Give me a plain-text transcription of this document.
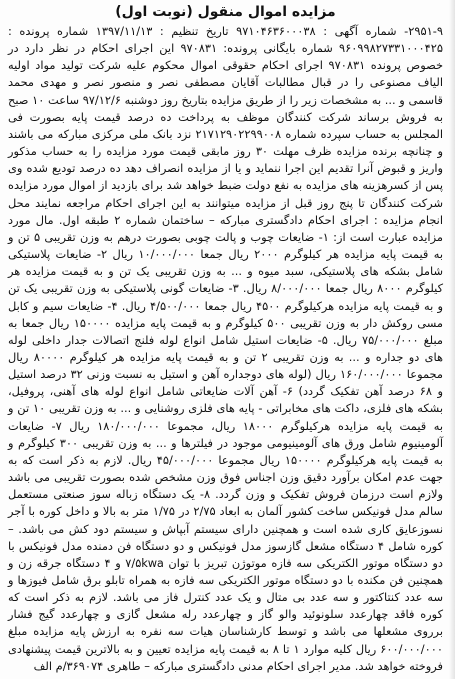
مزایده اموال منقول (نوبت اول)

۲۹۵۱-۹- شماره آگهی : ۹۷۱۰۴۶۳۶۰۰۰۳۸ تاریخ تنظیم : ۱۳۹۷/۱۱/۱۳ شماره پرونده : ۹۶۰۹۹۸۲۷۳۳۱۰۰۰۴۲۵ شماره بایگانی پرونده: ۹۷۰۸۳۱ این اجرای احکام در نظر دارد در خصوص پرونده ۹۷۰۸۳۱ اجرای احکام حقوقی اموال محکوم علیه شرکت تولید مواد اولیه الیاف مصنوعی را در قبال مطالبات آقایان مصطفی نصر و منصور نصر و مهدی محمد قاسمی و ... به مشخصات زیر را از طریق مزایده بتاریخ روز دوشنبه ۹۷/۱۲/۶ ساعت ۱۰ صبح به فروش برساند شرکت کنندگان موظف به پرداخت ده درصد قیمت پایه بصورت فی المجلس به حساب سپرده شماره ۲۱۷۱۲۹۰۲۲۹۹۰۰۸ نزد بانک ملی مرکزی مبارکه می باشند و چنانچه برنده مزایده ظرف مهلت ۳۰ روز مابقی قیمت مورد مزایده را به حساب مذکور واریز و قبوض آنرا تقدیم این اجرا ننماید و یا از مزایده انصراف دهد ده درصد تودیع شده وی پس از کسرهزینه های مزایده به نفع دولت ضبط خواهد شد برای بازدید از اموال مورد مزایده شرکت کنندگان تا پنج روز قبل از مزایده میتوانند به این اجرای احکام مراجعه نمایند محل انجام مزایده : اجرای احکام دادگستری مبارکه – ساختمان شماره ۲ طبقه اول. مال مورد مزایده عبارت است از: ۱- ضایعات چوب و پالت چوبی بصورت درهم به وزن تقریبی ۵ تن و به قیمت پایه مزایده هر کیلوگرم ۲۰۰۰ ریال جمعا ۱۰/۰۰۰/۰۰۰ ریال ۲- ضایعات پلاستیکی شامل بشکه های پلاستیکی، سبد میوه و ... به وزن تقریبی یک تن و به قیمت مزایده هر کیلوگرم ۸۰۰۰ ریال جمعا ۸/۰۰۰/۰۰۰ ریال. ۳- ضایعات گونی پلاستیکی به وزن تقریبی یک تن و به قیمت پایه مزایده هرکیلوگرم ۴۵۰۰ ریال جمعا ۴/۵۰۰/۰۰۰ ریال. ۴- ضایعات سیم و کابل مسی روکش دار به وزن تقریبی ۵۰۰ کیلوگرم و به قیمت پایه مزایده ۱۵۰۰۰۰ ریال جمعا به مبلغ ۷۵/۰۰۰/۰۰۰ ریال. ۵- ضایعات استیل شامل انواع لوله فلنج اتصالات جدار داخلی لوله های دو جداره و ... به وزن تقریبی ۲ تن و به قیمت پایه مزایده هر کیلوگرم ۸۰۰۰۰ ریال مجموعا ۱۶۰/۰۰۰/۰۰۰ ریال (لوله های دوجداره آهن و استیل به نسبت وزنی ۳۲ درصد استیل و ۶۸ درصد آهن تفکیک گردد) ۶- آهن آلات ضایعاتی شامل انواع لوله های آهنی، پروفیل، بشکه های فلزی، داکت های مخابراتی - پایه های فلزی روشنایی و ... به وزن تقریبی ۱۰ تن و به قیمت پایه مزایده هرکیلوگرم ۱۸۰۰۰ ریال، مجموعا ۱۸۰/۰۰۰/۰۰۰ ریال ۷- ضایعات آلومینیوم شامل ورق های آلومینیومی موجود در فیلترها و ... به وزن تقریبی ۳۰۰ کیلوگرم و به قیمت پایه هرکیلوگرم ۱۵۰۰۰۰ ریال مجموعا ۴۵/۰۰۰/۰۰۰ ریال. لازم به ذکر است که به جهت عدم امکان برآورد دقیق وزن اجناس فوق وزن مشخص شده بصورت تقریبی می باشد ولازم است درزمان فروش تفکیک و وزن گردد. ۸- یک دستگاه زباله سوز صنعتی مستعمل سالم مدل فونیکس ساخت کشور آلمان به ابعاد ۲/۷۵ در ۱/۷۵ متر به بالا و داخل کوره با آجر نسوزعایق کاری شده است و همچنین دارای سیستم آبپاش و سیستم دود کش می باشد. – کوره شامل ۴ دستگاه مشعل گازسوز مدل فونیکس و دو دستگاه فن دمنده مدل فونیکس با دو دستگاه موتور الکتریکی سه فازه موتوژن تبریز با توان ۷/۵kwa و ۴ دستگاه جرقه زن و همچنین فن مکنده با دو دستگاه موتور الکتریکی سه فازه به همراه تابلو برق شامل فیوزها و سه عدد کنتاکتور و سه عدد بی متال و یک عدد کنترل فاز می باشد. لازم به ذکر است که کوره فاقد چهارعدد سلونوئید والو گاز و چهارعدد رله مشعل گازی و چهارعدد گیج فشار برروی مشعلها می باشد و توسط کارشناسان هیات سه نفره به ارزش پایه مزایده مبلغ ۶۰۰/۰۰۰/۰۰۰ ریال کلیه موارد ۱ تا ۸ به قیمت پایه مزایده تعیین و به بالاترین قیمت پیشنهادی فروخته خواهد شد. مدیر اجرای احکام مدنی دادگستری مبارکه – طاهری ۳۶۹۰۷۴/م الف
